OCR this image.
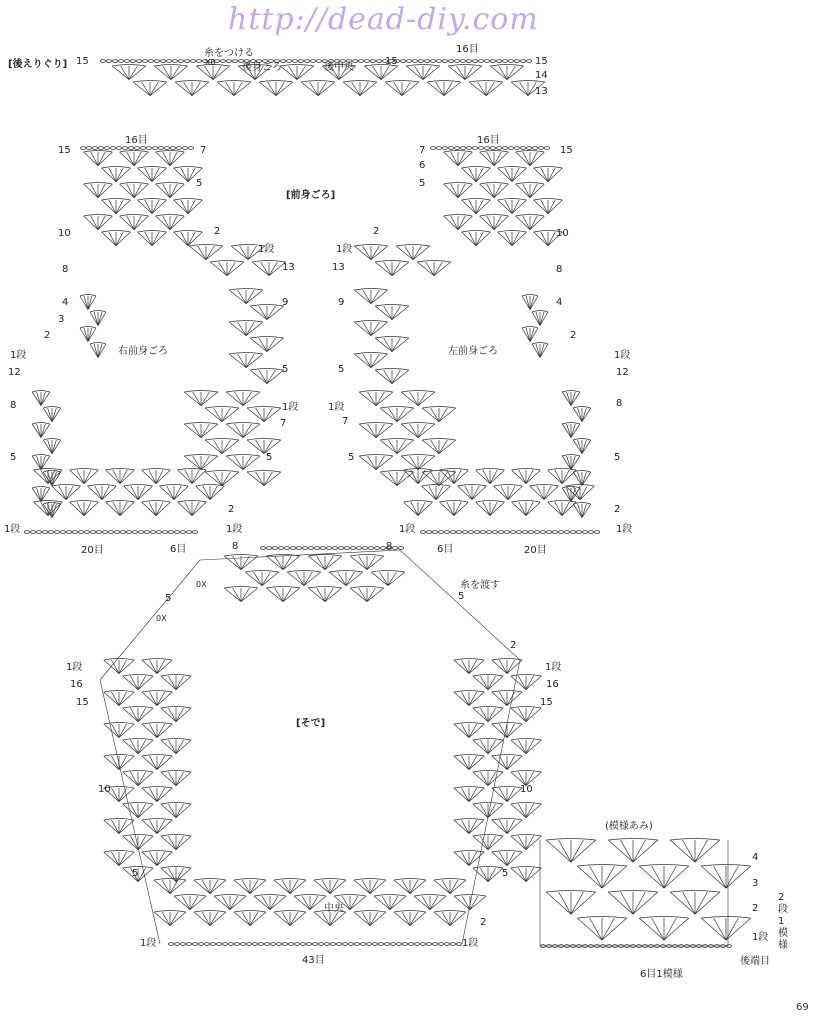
http://dead-diy.com
69
[後えりぐり]
糸をつける
後身ごろ	後中央
16目
15	15	15
14
13
X0
[前身ごろ]
右前身ごろ	左前身ごろ
16目	16目
20目	20目
6目	6目
1段	1段
1段	1段
15	7
5
10	2
1段
13
8
4	9
3
2
1段
12	5
8	1段
7
5	5
2
15
7
6
5
10
2
1段
13	8
4
9
2
1段
12
5
1段	8
7
5	5
2
[そで]
中央
糸を渡す
43目
1段	1段
8	8
5	5
2
1段	1段
16	16
15	15
10	10
5	5
2
0X
0X
(模様あみ)
4
3
2
1段
6目1模様
後端目
2段1模様
